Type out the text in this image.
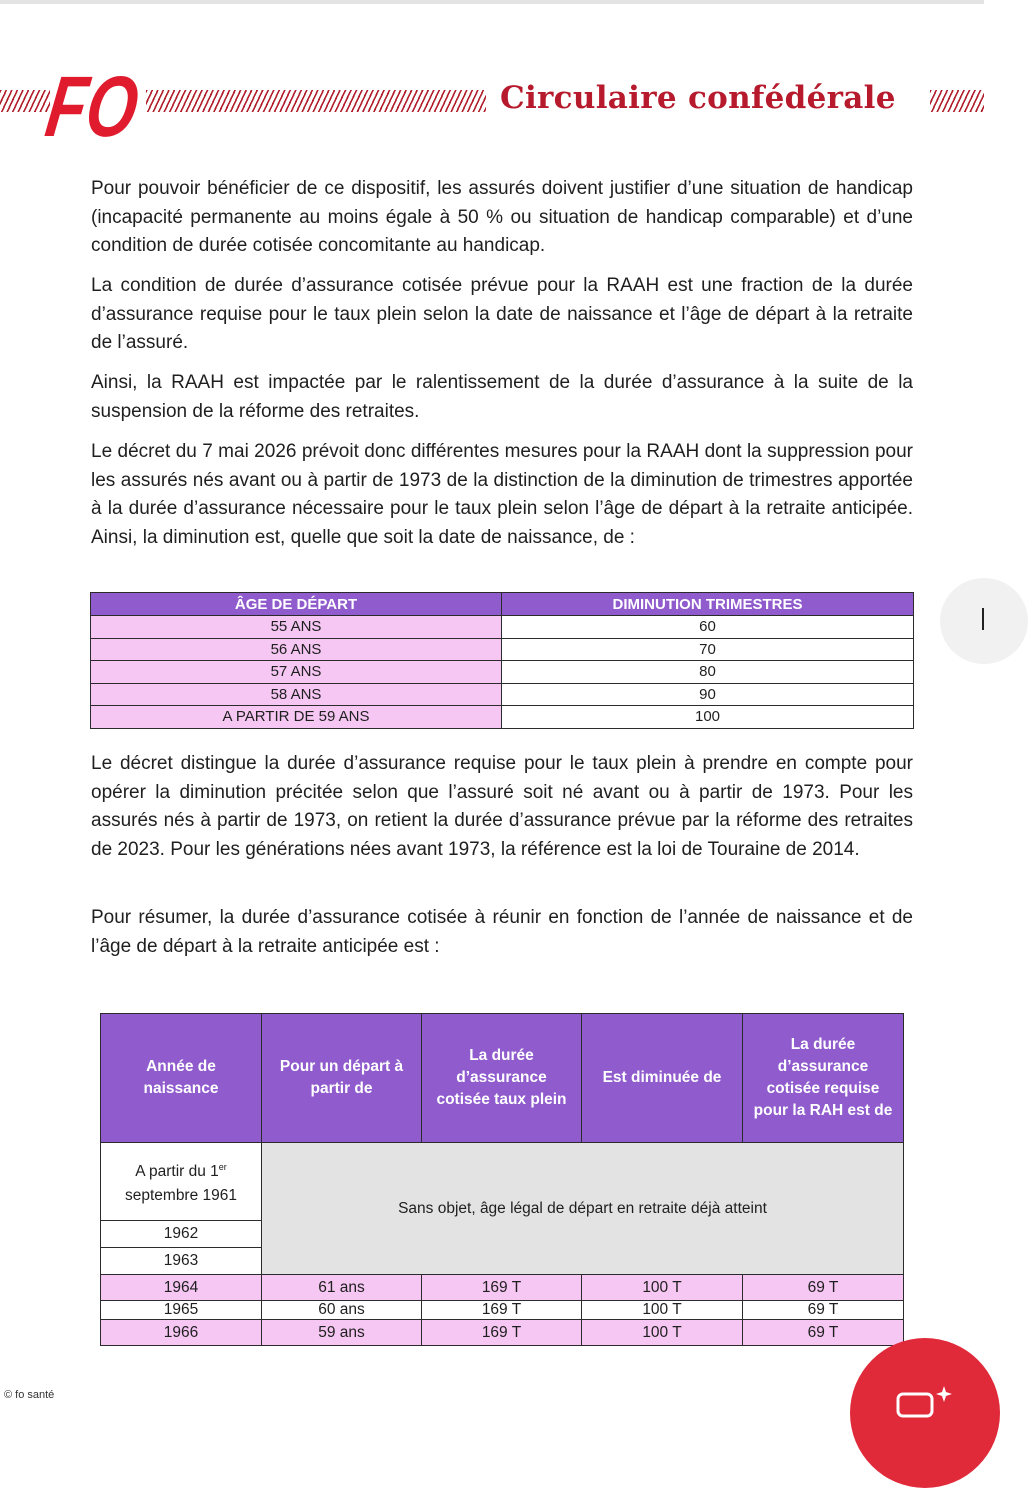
FO	Circulaire confédérale

Pour pouvoir bénéficier de ce dispositif, les assurés doivent justifier d’une situation de handicap (incapacité permanente au moins égale à 50 % ou situation de handicap comparable) et d’une condition de durée cotisée concomitante au handicap.

La condition de durée d’assurance cotisée prévue pour la RAAH est une fraction de la durée d’assurance requise pour le taux plein selon la date de naissance et l’âge de départ à la retraite de l’assuré.

Ainsi, la RAAH est impactée par le ralentissement de la durée d’assurance à la suite de la suspension de la réforme des retraites.

Le décret du 7 mai 2026 prévoit donc différentes mesures pour la RAAH dont la suppression pour les assurés nés avant ou à partir de 1973 de la distinction de la diminution de trimestres apportée à la durée d’assurance nécessaire pour le taux plein selon l’âge de départ à la retraite anticipée. Ainsi, la diminution est, quelle que soit la date de naissance, de :

ÂGE DE DÉPART	DIMINUTION TRIMESTRES
55 ANS	60
56 ANS	70
57 ANS	80
58 ANS	90
A PARTIR DE 59 ANS	100

Le décret distingue la durée d’assurance requise pour le taux plein à prendre en compte pour opérer la diminution précitée selon que l’assuré soit né avant ou à partir de 1973. Pour les assurés nés à partir de 1973, on retient la durée d’assurance prévue par la réforme des retraites de 2023. Pour les générations nées avant 1973, la référence est la loi de Touraine de 2014.

Pour résumer, la durée d’assurance cotisée à réunir en fonction de l’année de naissance et de l’âge de départ à la retraite anticipée est :

Année de naissance	Pour un départ à partir de	La durée d’assurance cotisée taux plein	Est diminuée de	La durée d’assurance cotisée requise pour la RAH est de
A partir du 1er
septembre 1961	Sans objet, âge légal de départ en retraite déjà atteint			
1962				
1963				
1964	61 ans	169 T	100 T	69 T
1965	60 ans	169 T	100 T	69 T
1966	59 ans	169 T	100 T	69 T
© fo santé
